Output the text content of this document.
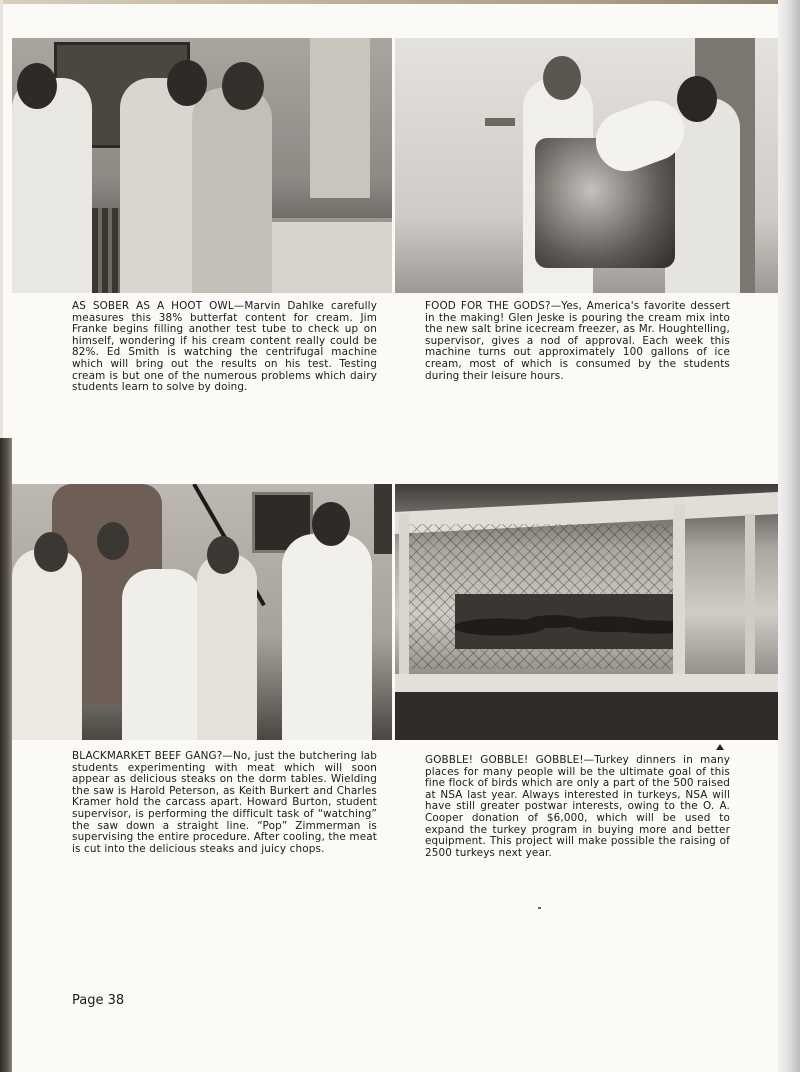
AS SOBER AS A HOOT OWL—Marvin Dahlke carefully measures this 38% butterfat content for cream. Jim Franke begins filling another test tube to check up on himself, wondering if his cream content really could be 82%. Ed Smith is watching the centrifugal machine which will bring out the results on his test. Testing cream is but one of the numerous problems which dairy students learn to solve by doing.
FOOD FOR THE GODS?—Yes, America's favorite dessert in the making! Glen Jeske is pouring the cream mix into the new salt brine icecream freezer, as Mr. Houghtelling, supervisor, gives a nod of approval. Each week this machine turns out approximately 100 gallons of ice cream, most of which is consumed by the students during their leisure hours.
BLACKMARKET BEEF GANG?—No, just the butchering lab students experimenting with meat which will soon appear as delicious steaks on the dorm tables. Wielding the saw is Harold Peterson, as Keith Burkert and Charles Kramer hold the carcass apart. Howard Burton, student supervisor, is performing the difficult task of “watching” the saw down a straight line. “Pop” Zimmerman is supervising the entire procedure. After cooling, the meat is cut into the delicious steaks and juicy chops.
GOBBLE! GOBBLE! GOBBLE!—Turkey dinners in many places for many people will be the ultimate goal of this fine flock of birds which are only a part of the 500 raised at NSA last year. Always interested in turkeys, NSA will have still greater postwar interests, owing to the O. A. Cooper donation of $6,000, which will be used to expand the turkey program in buying more and better equipment. This project will make possible the raising of 2500 turkeys next year.
Page 38
